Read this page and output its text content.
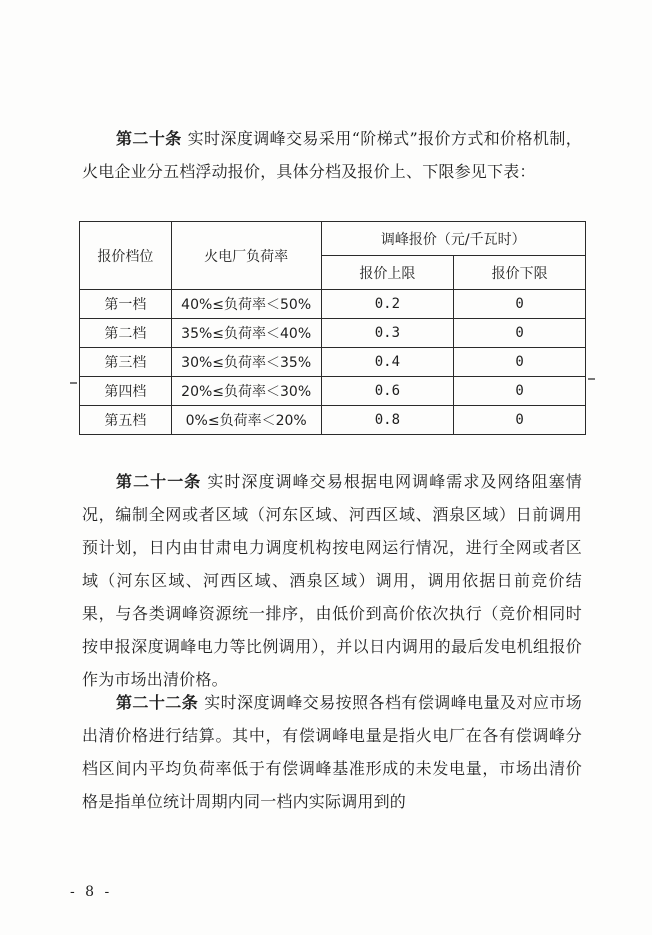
第二十条 实时深度调峰交易采用“阶梯式”报价方式和价格机制，火电企业分五档浮动报价，具体分档及报价上、下限参见下表：

报价档位	火电厂负荷率	调峰报价（元/千瓦时）	
		报价上限	报价下限
第一档	40%≤负荷率＜50%	0.2	0
第二档	35%≤负荷率＜40%	0.3	0
第三档	30%≤负荷率＜35%	0.4	0
第四档	20%≤负荷率＜30%	0.6	0
第五档	0%≤负荷率＜20%	0.8	0

第二十一条 实时深度调峰交易根据电网调峰需求及网络阻塞情况，编制全网或者区域（河东区域、河西区域、酒泉区域）日前调用预计划，日内由甘肃电力调度机构按电网运行情况，进行全网或者区域（河东区域、河西区域、酒泉区域）调用，调用依据日前竞价结果，与各类调峰资源统一排序，由低价到高价依次执行（竞价相同时按申报深度调峰电力等比例调用），并以日内调用的最后发电机组报价作为市场出清价格。

第二十二条 实时深度调峰交易按照各档有偿调峰电量及对应市场出清价格进行结算。其中，有偿调峰电量是指火电厂在各有偿调峰分档区间内平均负荷率低于有偿调峰基准形成的未发电量，市场出清价格是指单位统计周期内同一档内实际调用到的

- 8 -
